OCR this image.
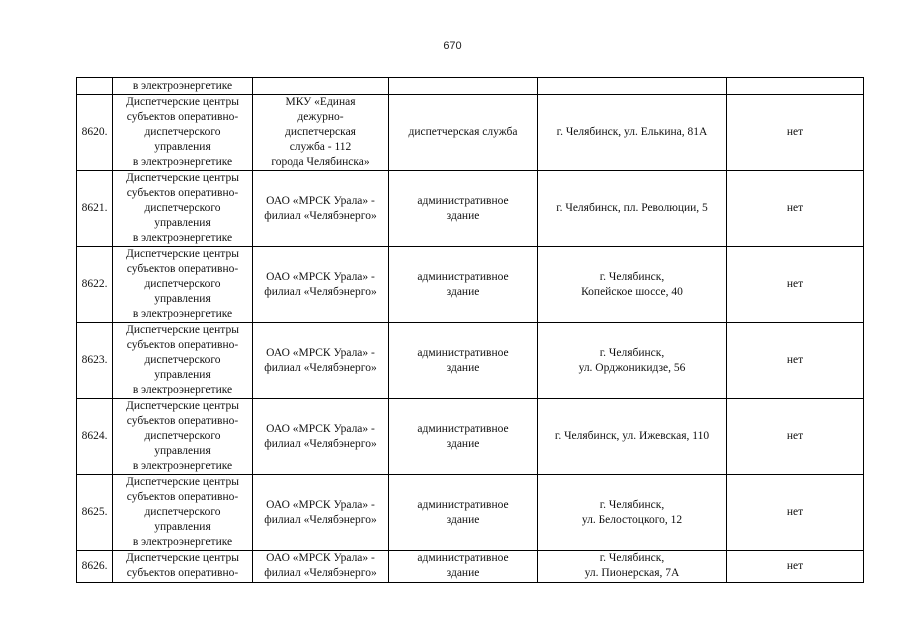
670

	в электроэнергетике				

8620.	Диспетчерские центры
субъектов оперативно-
диспетчерского
управления
в электроэнергетике	МКУ «Единая
дежурно-
диспетчерская
служба - 112
города Челябинска»	диспетчерская служба	г. Челябинск, ул. Елькина, 81А	нет
8621.	Диспетчерские центры
субъектов оперативно-
диспетчерского
управления
в электроэнергетике	ОАО «МРСК Урала» -
филиал «Челябэнерго»	административное
здание	г. Челябинск, пл. Революции, 5	нет
8622.	Диспетчерские центры
субъектов оперативно-
диспетчерского
управления
в электроэнергетике	ОАО «МРСК Урала» -
филиал «Челябэнерго»	административное
здание	г. Челябинск,
Копейское шоссе, 40	нет
8623.	Диспетчерские центры
субъектов оперативно-
диспетчерского
управления
в электроэнергетике	ОАО «МРСК Урала» -
филиал «Челябэнерго»	административное
здание	г. Челябинск,
ул. Орджоникидзе, 56	нет
8624.	Диспетчерские центры
субъектов оперативно-
диспетчерского
управления
в электроэнергетике	ОАО «МРСК Урала» -
филиал «Челябэнерго»	административное
здание	г. Челябинск, ул. Ижевская, 110	нет
8625.	Диспетчерские центры
субъектов оперативно-
диспетчерского
управления
в электроэнергетике	ОАО «МРСК Урала» -
филиал «Челябэнерго»	административное
здание	г. Челябинск,
ул. Белостоцкого, 12	нет
8626.	Диспетчерские центры
субъектов оперативно-	ОАО «МРСК Урала» -
филиал «Челябэнерго»	административное
здание	г. Челябинск,
ул. Пионерская, 7А	нет
